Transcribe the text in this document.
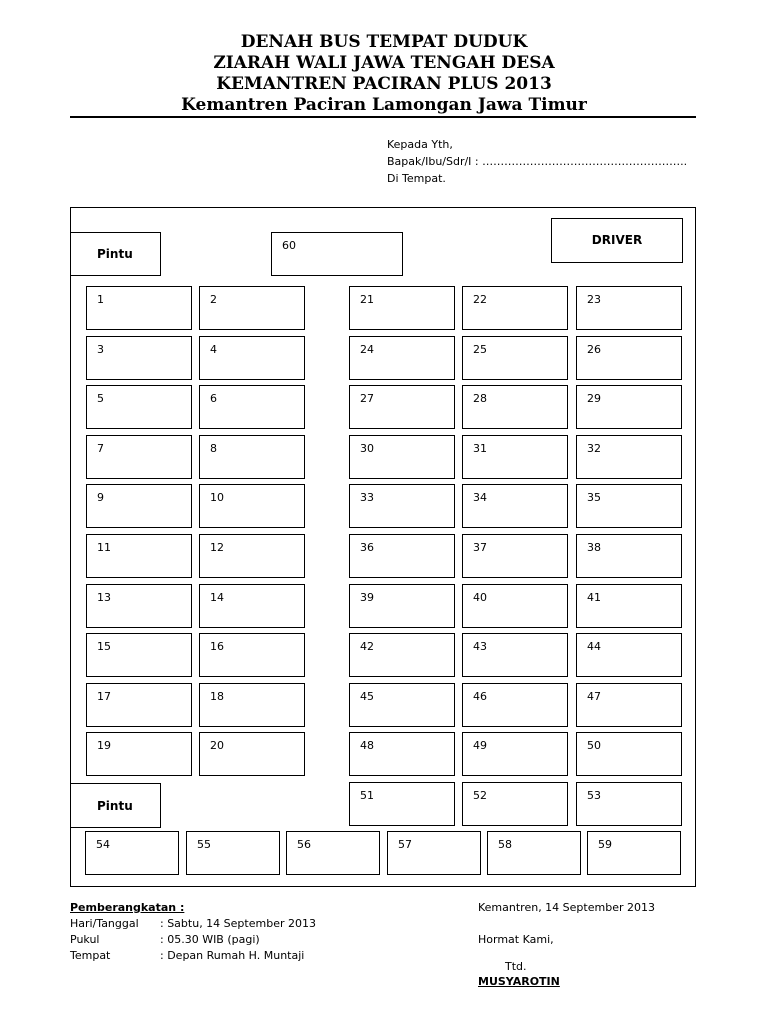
DENAH BUS TEMPAT DUDUK
ZIARAH WALI JAWA TENGAH DESA
KEMANTREN PACIRAN PLUS 2013
Kemantren Paciran Lamongan Jawa Timur
Kepada Yth,
Bapak/Ibu/Sdr/I : ………………………………………………..
Di Tempat.
Pintu
60	DRIVER
Pintu
1	2
3	4
5	6
7	8
9	10
11	12
13	14
15	16
17	18
19	20
21	22	23
24	25	26
27	28	29
30	31	32
33	34	35
36	37	38
39	40	41
42	43	44
45	46	47
48	49	50
51	52	53
54	55	56	57	58	59
Pemberangkatan :
Hari/Tanggal	: Sabtu, 14 September 2013
Pukul	: 05.30 WIB (pagi)
Tempat	: Depan Rumah H. Muntaji
Kemantren, 14 September 2013
Hormat Kami,
Ttd.
MUSYAROTIN
